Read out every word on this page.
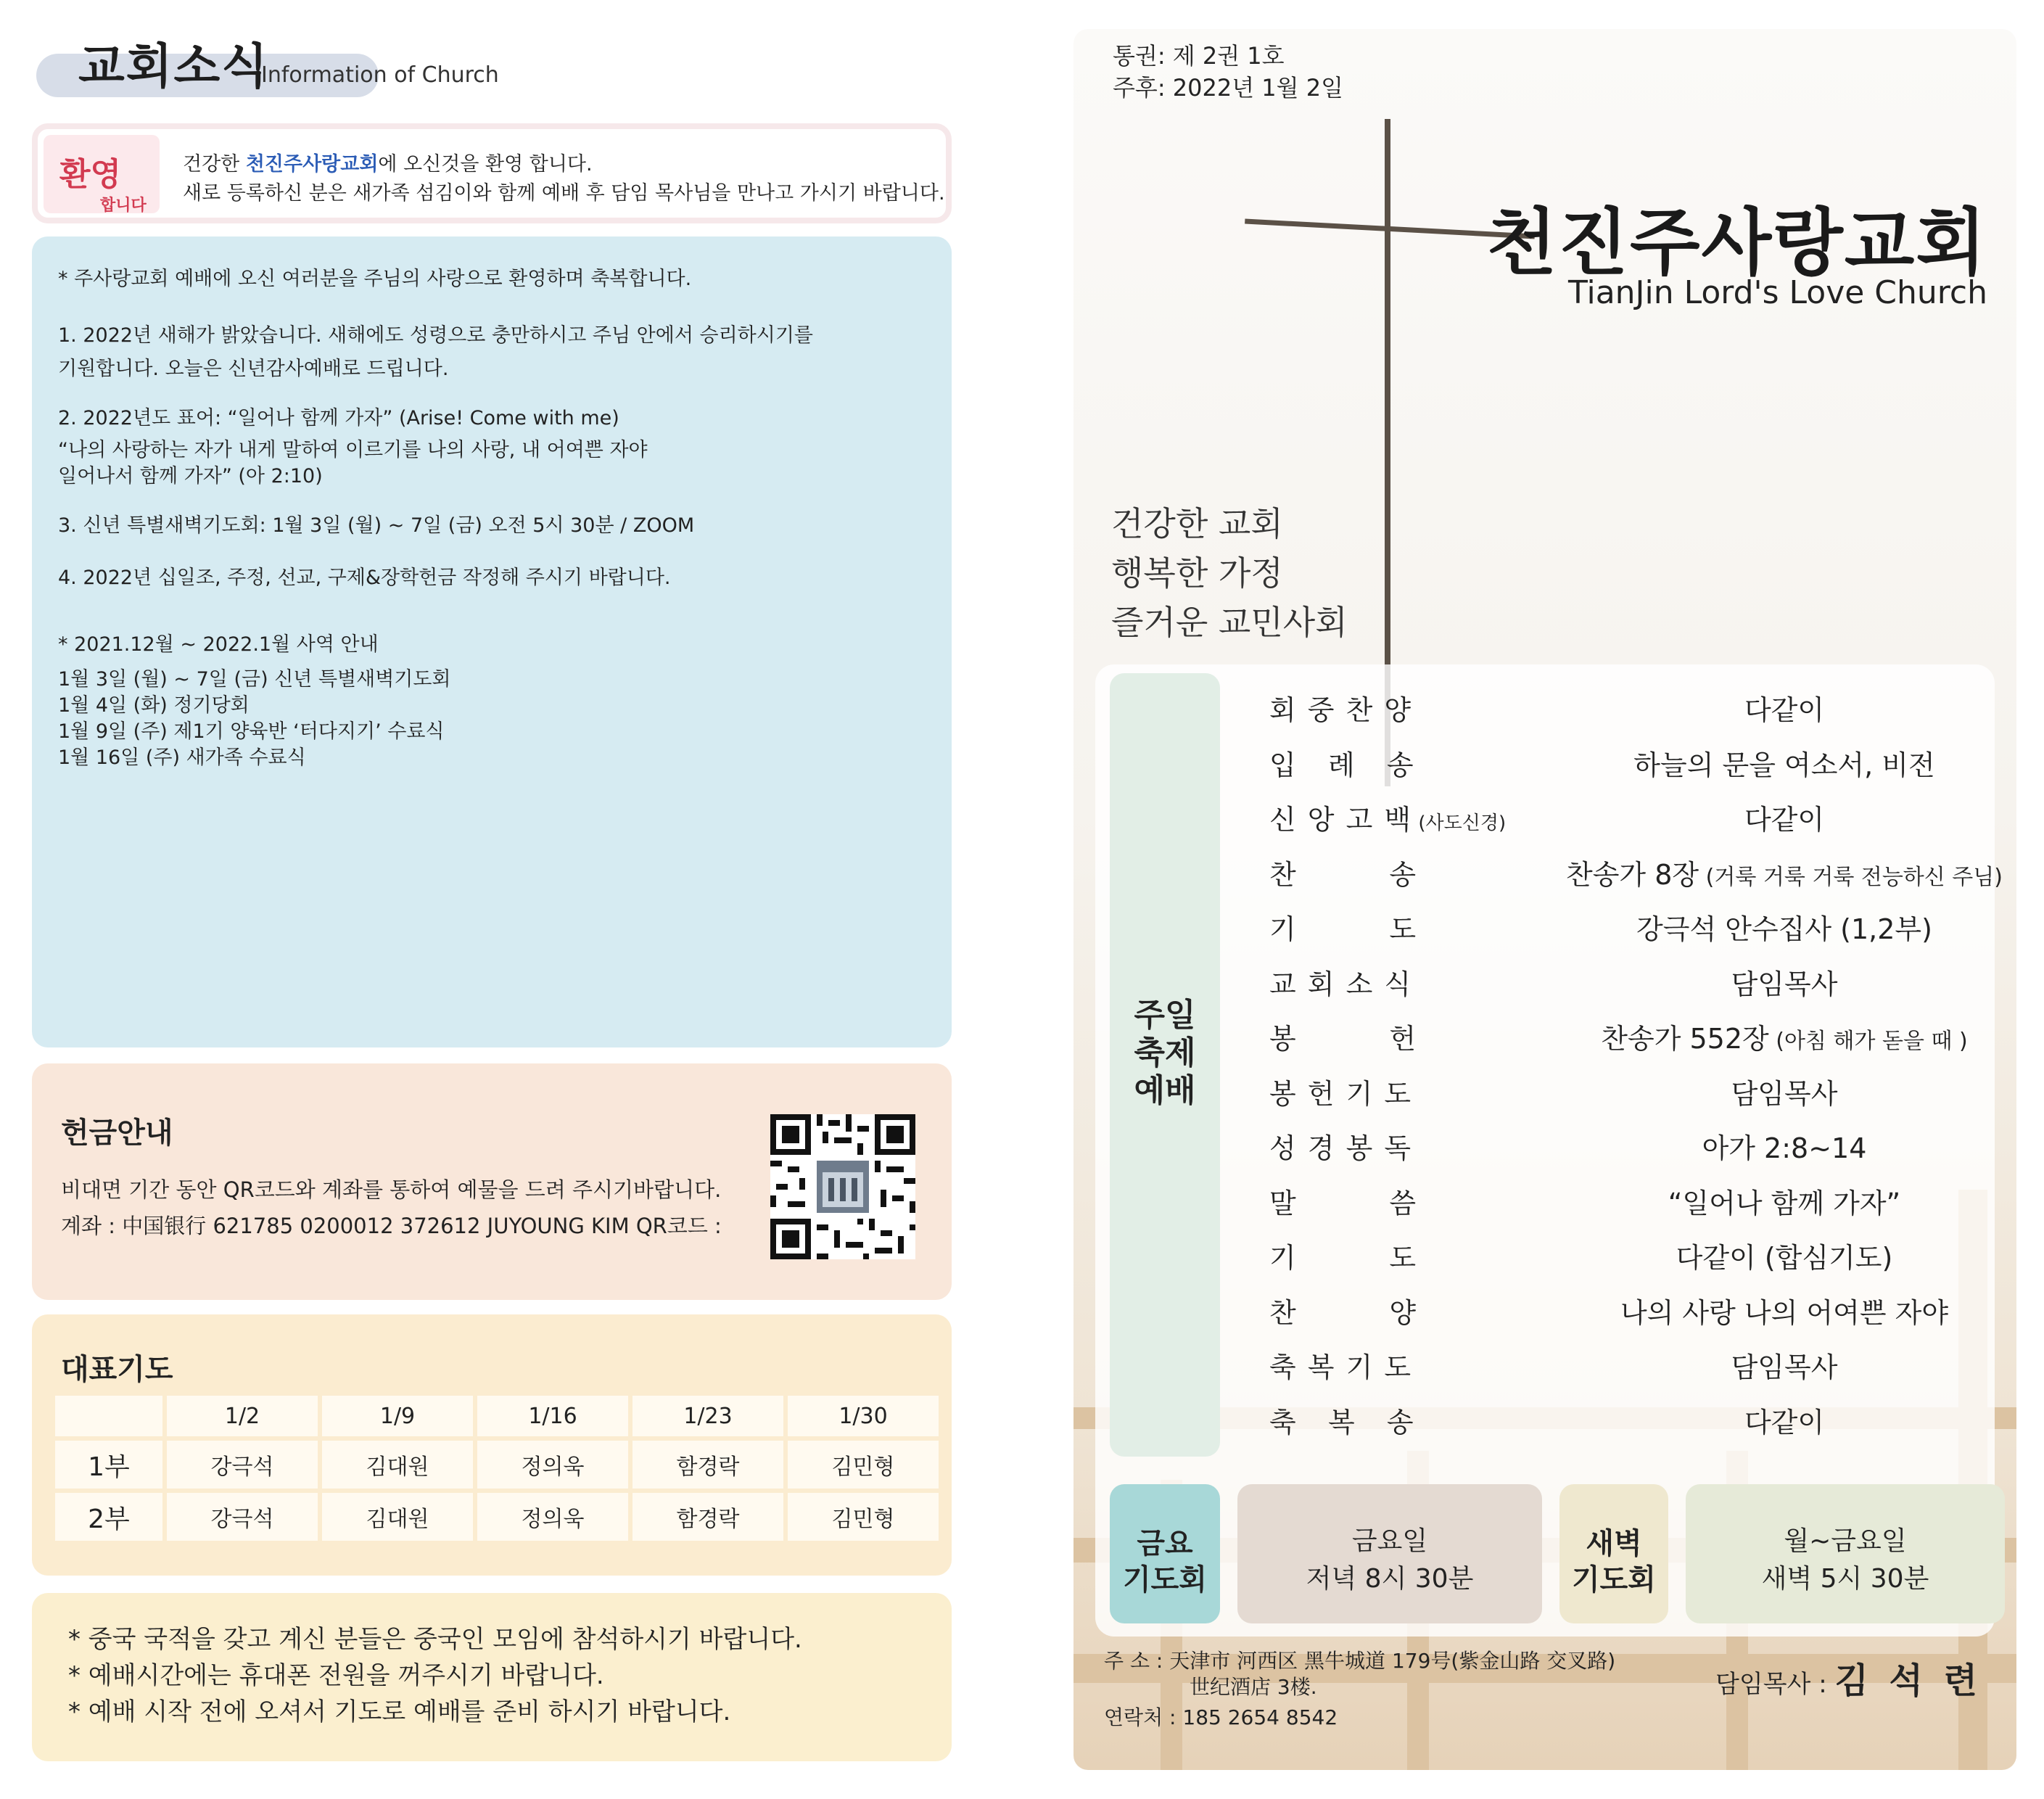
교회소식
Information of Church
환영
합니다
건강한 천진주사랑교회에 오신것을 환영 합니다.
새로 등록하신 분은 새가족 섬김이와 함께 예배 후 담임 목사님을 만나고 가시기 바랍니다.
* 주사랑교회 예배에 오신 여러분을 주님의 사랑으로 환영하며 축복합니다.
1. 2022년 새해가 밝았습니다. 새해에도 성령으로 충만하시고 주님 안에서 승리하시기를
기원합니다. 오늘은 신년감사예배로 드립니다.
2. 2022년도 표어: “일어나 함께 가자” (Arise! Come with me)
“나의 사랑하는 자가 내게 말하여 이르기를 나의 사랑, 내 어여쁜 자야
일어나서 함께 가자” (아 2:10)
3. 신년 특별새벽기도회: 1월 3일 (월) ~ 7일 (금) 오전 5시 30분 / ZOOM
4. 2022년 십일조, 주정, 선교, 구제&장학헌금 작정해 주시기 바랍니다.
* 2021.12월 ~ 2022.1월 사역 안내
1월 3일 (월) ~ 7일 (금) 신년 특별새벽기도회
1월 4일 (화) 정기당회
1월 9일 (주) 제1기 양육반 ‘터다지기’ 수료식
1월 16일 (주) 새가족 수료식
헌금안내
비대면 기간 동안 QR코드와 계좌를 통하여 예물을 드려 주시기바랍니다.
계좌 : 中国银行 621785 0200012 372612 JUYOUNG KIM QR코드 :
대표기도
	1/2	1/9	1/16	1/23	1/30
1부	강극석	김대원	정의욱	함경락	김민형
2부	강극석	김대원	정의욱	함경락	김민형
* 중국 국적을 갖고 계신 분들은 중국인 모임에 참석하시기 바랍니다.
* 예배시간에는 휴대폰 전원을 꺼주시기 바랍니다.
* 예배 시작 전에 오셔서 기도로 예배를 준비 하시기 바랍니다.
통권: 제 2권 1호
주후: 2022년 1월 2일
천진주사랑교회
TianJin Lord's Love Church
건강한 교회
행복한 가정
즐거운 교민사회
주일
축제
예배
회 중 찬 양	다같이
입   례   송	하늘의 문을 여소서, 비전
신 앙 고 백 (사도신경)	다같이
찬         송	찬송가 8장 (거룩 거룩 거룩 전능하신 주님)
기         도	강극석 안수집사 (1,2부)
교 회 소 식	담임목사
봉         헌	찬송가 552장 (아침 해가 돋을 때 )
봉 헌 기 도	담임목사
성 경 봉 독	아가 2:8~14
말         씀	“일어나 함께 가자”
기         도	다같이 (합심기도)
찬         양	나의 사랑 나의 어여쁜 자야
축 복 기 도	담임목사
축   복   송	다같이
금요
기도회
금요일
저녁 8시 30분
새벽
기도회
월~금요일
새벽 5시 30분
주 소 : 天津市 河西区 黑牛城道 179号(紫金山路 交叉路)
世纪酒店 3楼.
연락처 : 185 2654 8542
담임목사 : 김 석 련
